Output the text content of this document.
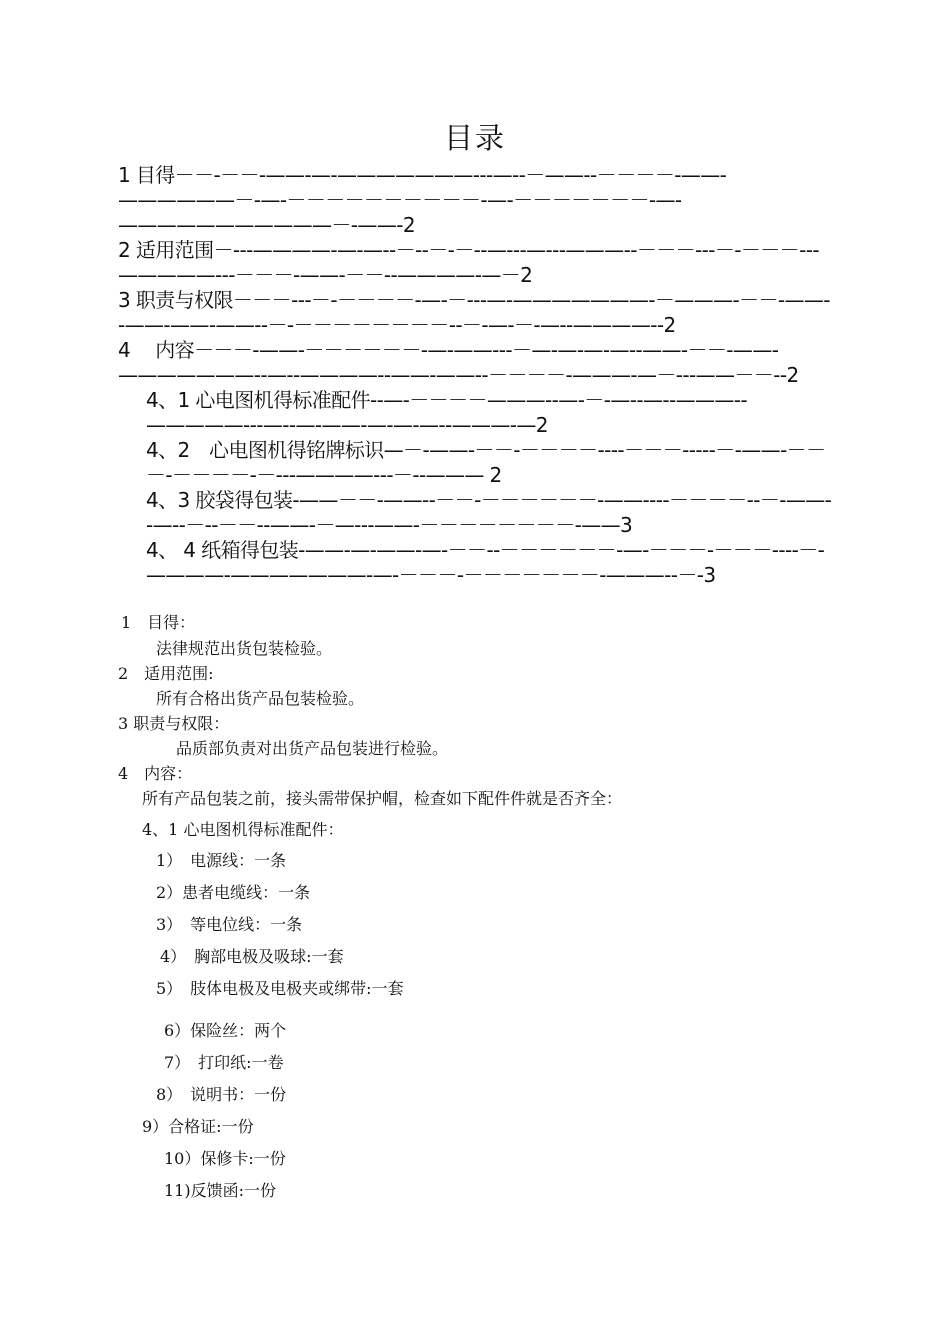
目录

1 目得－－-－－-——-—-———————---—--－——--－－－－-——-——————－-—-－－－－－－－－－－-—-－－－－－－－-—-———————————－-——-2

2 适用范围－---————-—-—--－--－-－--—---—---———--－－－---－-－－－---—————---－－－-——-－－--————-—－2

3 职责与权限－－－---－-－－－－-—-－---—-———————-－———-－－-——--——-——-——--－-－－－－－－－－--－-—-－-—--————--2

4 　内容－－－-——-－－－－－－-—-——---－—-—-—-—--——-－－-——-———————--—--————--——-——--－－－－-———-—－---——－－--2

4、1 心电图机得标准配件--—-－－－－———--—-－-—--—--———--—————---—--—-——-—-—-—--———-—2

4、2　心电图机得铭牌标识—－-——-－－-－－－－----－－－-----－-——-－－－-－－－－-－---————---－--——— 2

4、3 胶袋得包装-——－－-——--－－-－－－－－－-——----－－－－--－-——--—--－--－－--——-－—---——-－－－－－－－－-——3

4、 4 纸箱得包装-——-—-——-—-－－--－－－－－－-—-－－－-－－－----－-————-———————-—-－－－-－－－－－－－-———--－-3

1　目得：
法律规范出货包装检验。
2　适用范围:
所有合格出货产品包装检验。
3 职责与权限：
品质部负责对出货产品包装进行检验。
4　内容：
所有产品包装之前，接头需带保护帽，检查如下配件件就是否齐全：
4、1 心电图机得标准配件：
1）　电源线：一条
2）患者电缆线：一条
3）　等电位线：一条
4）　胸部电极及吸球:一套
5）　肢体电极及电极夹或绑带:一套
6）保险丝：两个
7）　打印纸:一卷
8）　说明书：一份
9）合格证:一份
10）保修卡:一份
11)反馈函:一份
